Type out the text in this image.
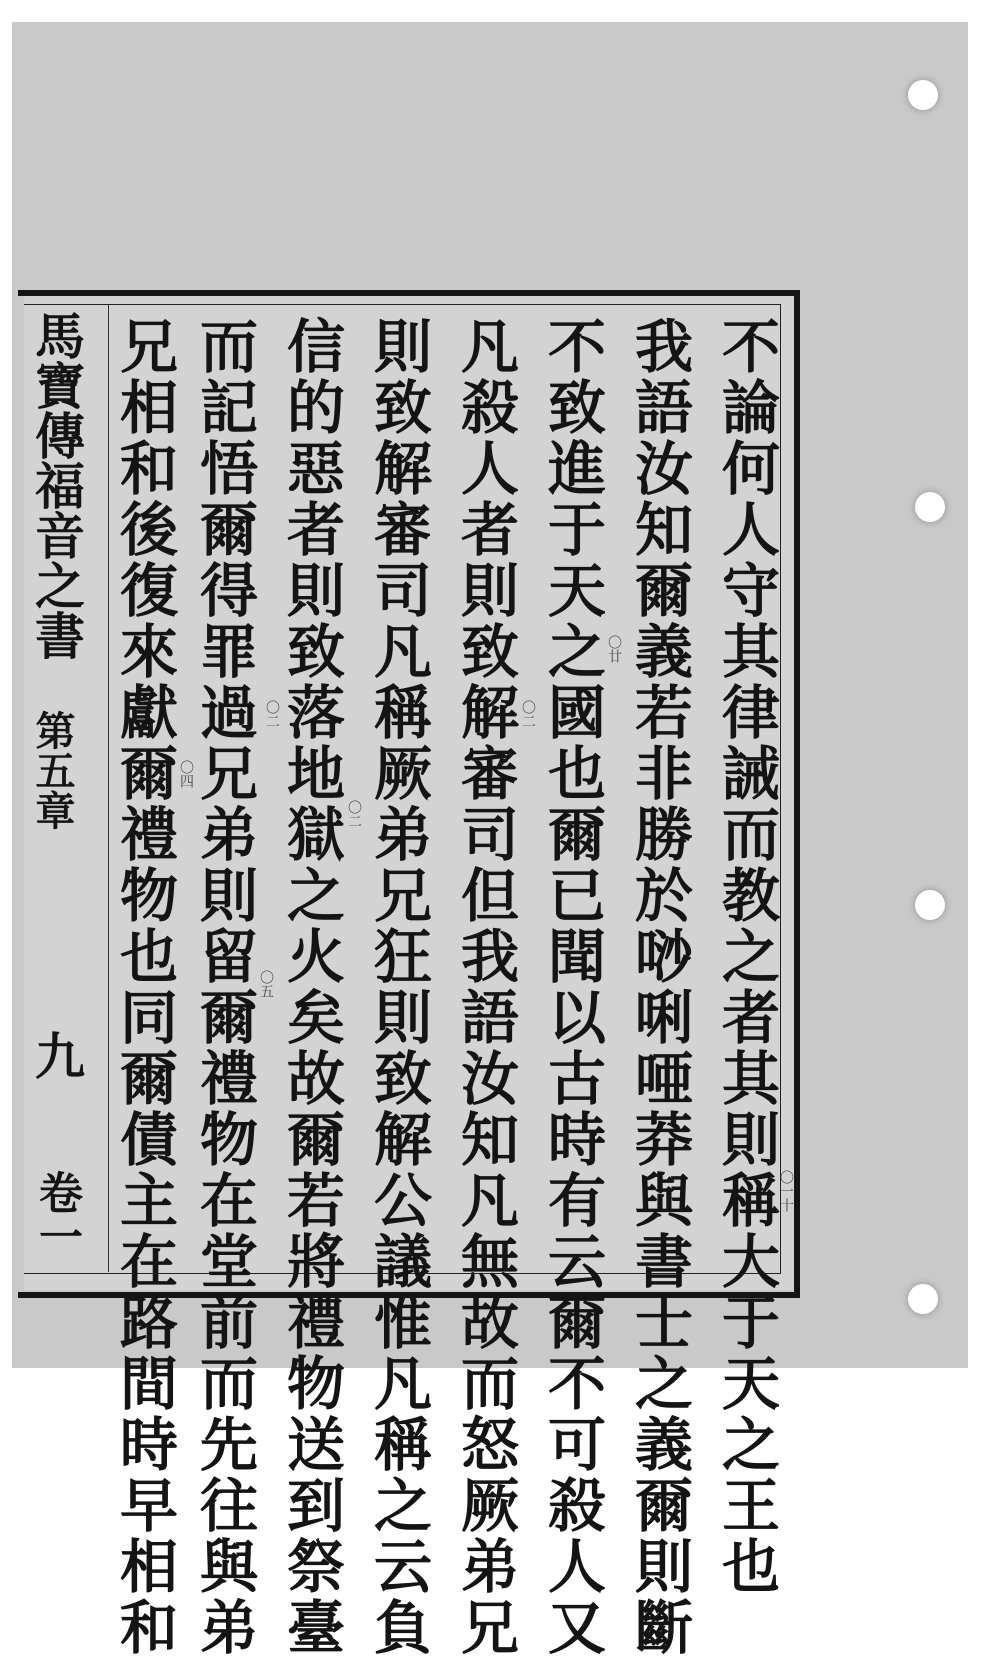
馬寶傳福音之書
第五章
九
卷一	不論何人守其律誡而教之者其則稱大于天之王也
我語汝知爾義若非勝於唦唎唖莽與書士之義爾則斷
不致進于天之國也爾已聞以古時有云爾不可殺人又
凡殺人者則致解審司但我語汝知凡無故而怒厥弟兄
則致解審司凡稱厥弟兄狂則致解公議惟凡稱之云負
信的惡者則致落地獄之火矣故爾若將禮物送到祭臺
而記悟爾得罪過兄弟則留爾禮物在堂前而先往與弟
兄相和後復來獻爾禮物也同爾債主在路間時早相和	〇一十
〇廿
〇二
〇二
〇二
〇四
〇五
